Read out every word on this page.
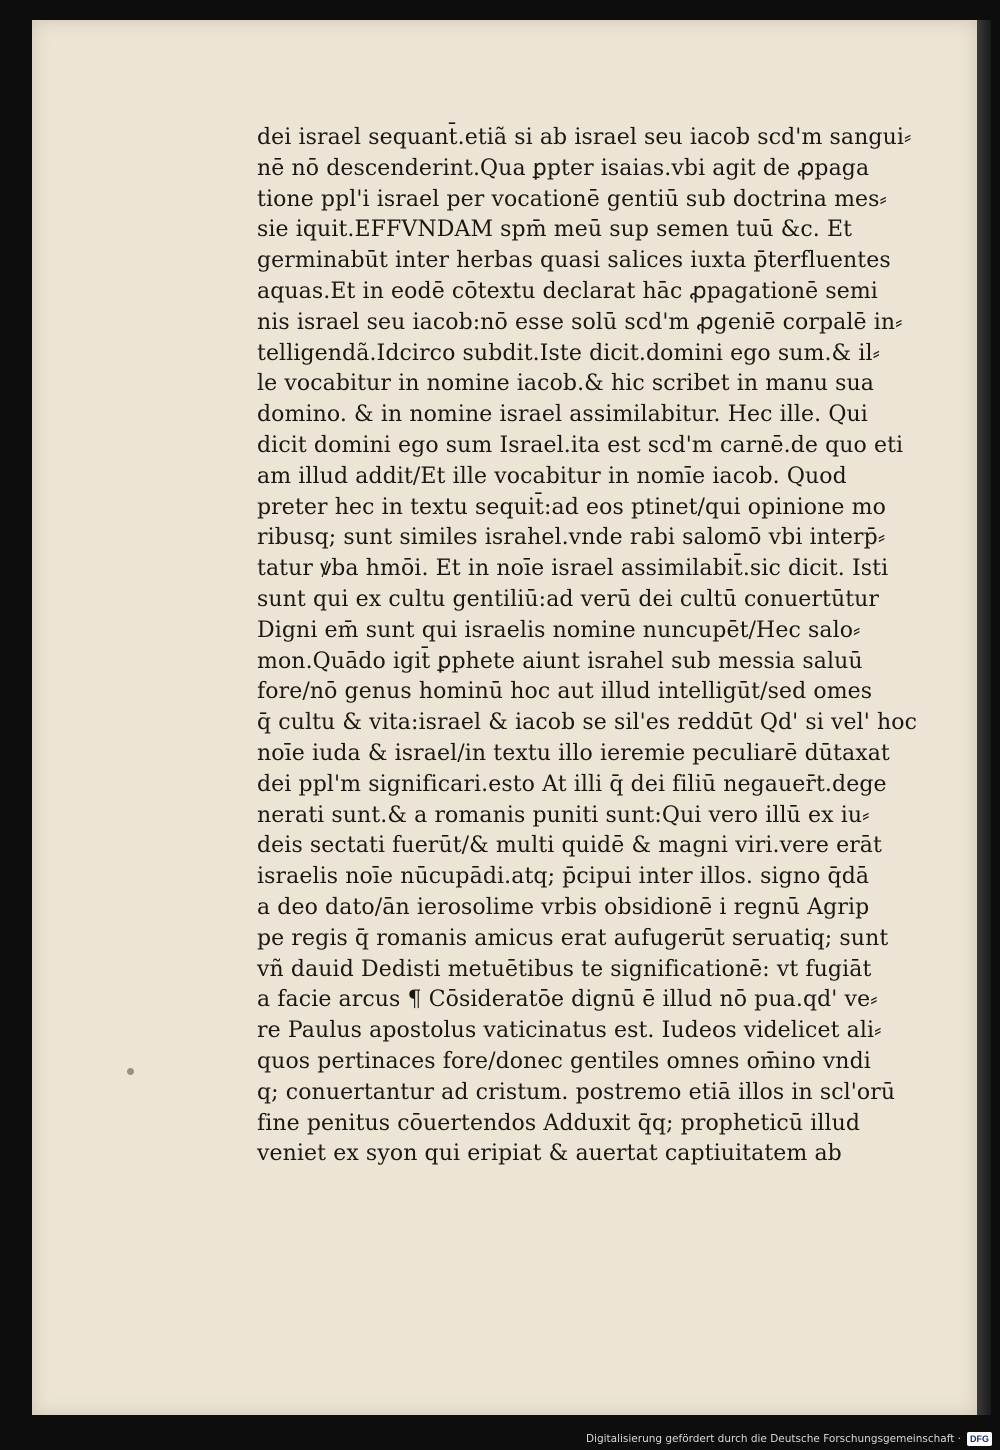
dei israel sequant̄.etiã si ab israel seu iacob scd'm sangui⸗
nē nō descenderint.Qua ꝑpter isaias.vbi agit de ꝓpaga
tione ppl'i israel per vocationē gentiū sub doctrina mes⸗
sie iquit.EFFVNDAM spm̄ meū sup semen tuū &c. Et
germinabūt inter herbas quasi salices iuxta p̄terfluentes
aquas.Et in eodē cōtextu declarat hāc ꝓpagationē semi
nis israel seu iacob:nō esse solū scd'm ꝓgeniē corpalē in⸗
telligendã.Idcirco subdit.Iste dicit.domini ego sum.& il⸗
le vocabitur in nomine iacob.& hic scribet in manu sua
domino. & in nomine israel assimilabitur. Hec ille. Qui
dicit domini ego sum Israel.ita est scd'm carnē.de quo eti
am illud addit/Et ille vocabitur in nomīe iacob. Quod
preter hec in textu sequit̄:ad eos ptinet/qui opinione mo
ribusq; sunt similes israhel.vnde rabi salomō vbi interp̄⸗
tatur ꝟba hmōi. Et in noīe israel assimilabit̄.sic dicit. Isti
sunt qui ex cultu gentiliū:ad verū dei cultū conuertūtur
Digni em̄ sunt qui israelis nomine nuncupēt/Hec salo⸗
mon.Quādo igit̄ ꝑphete aiunt israhel sub messia saluū
fore/nō genus hominū hoc aut illud intelligūt/sed omes
q̄ cultu & vita:israel & iacob se sil'es reddūt Qd' si vel' hoc
noīe iuda & israel/in textu illo ieremie peculiarē dūtaxat
dei ppl'm significari.esto At illi q̄ dei filiū negauer̄t.dege
nerati sunt.& a romanis puniti sunt:Qui vero illū ex iu⸗
deis sectati fuerūt/& multi quidē & magni viri.vere erāt
israelis noīe nūcupādi.atq; p̄cipui inter illos. signo q̄dā
a deo dato/ān ierosolime vrbis obsidionē i regnū Agrip
pe regis q̄ romanis amicus erat aufugerūt seruatiq; sunt
vñ dauid Dedisti metuētibus te significationē: vt fugiāt
a facie arcus ¶ Cōsideratōe dignū ē illud nō pua.qd' ve⸗
re Paulus apostolus vaticinatus est. Iudeos videlicet ali⸗
quos pertinaces fore/donec gentiles omnes om̄ino vndi
q; conuertantur ad cristum. postremo etiā illos in scl'orū
fine penitus cōuertendos Adduxit q̄q; propheticū illud
veniet ex syon qui eripiat & auertat captiuitatem ab
Digitalisierung gefördert durch die Deutsche Forschungsgemeinschaft ·	DFG
